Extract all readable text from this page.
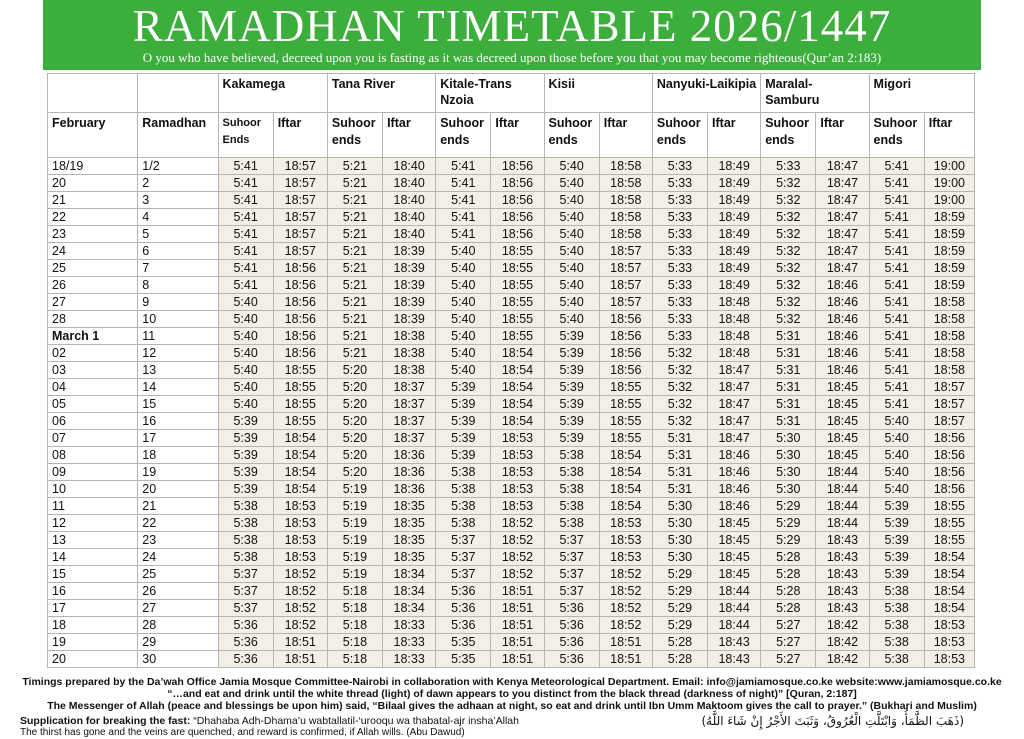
RAMADHAN TIMETABLE 2026/1447
O you who have believed, decreed upon you is fasting as it was decreed upon those before you that you may become righteous(Qur’an 2:183)
		Kakamega		Tana River		Kitale-Trans Nzoia		Kisii		Nanyuki-Laikipia		Maralal-Samburu		Migori	
February	Ramadhan	Suhoor Ends	Iftar	Suhoor ends	Iftar	Suhoor ends	Iftar	Suhoor ends	Iftar	Suhoor ends	Iftar	Suhoor ends	Iftar	Suhoor ends	Iftar
18/19	1/2	5:41	18:57	5:21	18:40	5:41	18:56	5:40	18:58	5:33	18:49	5:33	18:47	5:41	19:00
20	2	5:41	18:57	5:21	18:40	5:41	18:56	5:40	18:58	5:33	18:49	5:32	18:47	5:41	19:00
21	3	5:41	18:57	5:21	18:40	5:41	18:56	5:40	18:58	5:33	18:49	5:32	18:47	5:41	19:00
22	4	5:41	18:57	5:21	18:40	5:41	18:56	5:40	18:58	5:33	18:49	5:32	18:47	5:41	18:59
23	5	5:41	18:57	5:21	18:40	5:41	18:56	5:40	18:58	5:33	18:49	5:32	18:47	5:41	18:59
24	6	5:41	18:57	5:21	18:39	5:40	18:55	5:40	18:57	5:33	18:49	5:32	18:47	5:41	18:59
25	7	5:41	18:56	5:21	18:39	5:40	18:55	5:40	18:57	5:33	18:49	5:32	18:47	5:41	18:59
26	8	5:41	18:56	5:21	18:39	5:40	18:55	5:40	18:57	5:33	18:49	5:32	18:46	5:41	18:59
27	9	5:40	18:56	5:21	18:39	5:40	18:55	5:40	18:57	5:33	18:48	5:32	18:46	5:41	18:58
28	10	5:40	18:56	5:21	18:39	5:40	18:55	5:40	18:56	5:33	18:48	5:32	18:46	5:41	18:58
March 1	11	5:40	18:56	5:21	18:38	5:40	18:55	5:39	18:56	5:33	18:48	5:31	18:46	5:41	18:58
02	12	5:40	18:56	5:21	18:38	5:40	18:54	5:39	18:56	5:32	18:48	5:31	18:46	5:41	18:58
03	13	5:40	18:55	5:20	18:38	5:40	18:54	5:39	18:56	5:32	18:47	5:31	18:46	5:41	18:58
04	14	5:40	18:55	5:20	18:37	5:39	18:54	5:39	18:55	5:32	18:47	5:31	18:45	5:41	18:57
05	15	5:40	18:55	5:20	18:37	5:39	18:54	5:39	18:55	5:32	18:47	5:31	18:45	5:41	18:57
06	16	5:39	18:55	5:20	18:37	5:39	18:54	5:39	18:55	5:32	18:47	5:31	18:45	5:40	18:57
07	17	5:39	18:54	5:20	18:37	5:39	18:53	5:39	18:55	5:31	18:47	5:30	18:45	5:40	18:56
08	18	5:39	18:54	5:20	18:36	5:39	18:53	5:38	18:54	5:31	18:46	5:30	18:45	5:40	18:56
09	19	5:39	18:54	5:20	18:36	5:38	18:53	5:38	18:54	5:31	18:46	5:30	18:44	5:40	18:56
10	20	5:39	18:54	5:19	18:36	5:38	18:53	5:38	18:54	5:31	18:46	5:30	18:44	5:40	18:56
11	21	5:38	18:53	5:19	18:35	5:38	18:53	5:38	18:54	5:30	18:46	5:29	18:44	5:39	18:55
12	22	5:38	18:53	5:19	18:35	5:38	18:52	5:38	18:53	5:30	18:45	5:29	18:44	5:39	18:55
13	23	5:38	18:53	5:19	18:35	5:37	18:52	5:37	18:53	5:30	18:45	5:29	18:43	5:39	18:55
14	24	5:38	18:53	5:19	18:35	5:37	18:52	5:37	18:53	5:30	18:45	5:28	18:43	5:39	18:54
15	25	5:37	18:52	5:19	18:34	5:37	18:52	5:37	18:52	5:29	18:45	5:28	18:43	5:39	18:54
16	26	5:37	18:52	5:18	18:34	5:36	18:51	5:37	18:52	5:29	18:44	5:28	18:43	5:38	18:54
17	27	5:37	18:52	5:18	18:34	5:36	18:51	5:36	18:52	5:29	18:44	5:28	18:43	5:38	18:54
18	28	5:36	18:52	5:18	18:33	5:36	18:51	5:36	18:52	5:29	18:44	5:27	18:42	5:38	18:53
19	29	5:36	18:51	5:18	18:33	5:35	18:51	5:36	18:51	5:28	18:43	5:27	18:42	5:38	18:53
20	30	5:36	18:51	5:18	18:33	5:35	18:51	5:36	18:51	5:28	18:43	5:27	18:42	5:38	18:53
Timings prepared by the Da’wah Office Jamia Mosque Committee-Nairobi in collaboration with Kenya Meteorological Department. Email: info@jamiamosque.co.ke website:www.jamiamosque.co.ke
“…and eat and drink until the white thread (light) of dawn appears to you distinct from the black thread (darkness of night)” [Quran, 2:187]
The Messenger of Allah (peace and blessings be upon him) said, “Bilaal gives the adhaan at night, so eat and drink until Ibn Umm Maktoom gives the call to prayer.” (Bukhari and Muslim)
Supplication for breaking the fast: “Dhahaba Adh-Dhama’u wabtallatil-‘urooqu wa thabatal-ajr insha’Allah	(ذَهَبَ الظَّمَأُ، وَابْتَلَّتِ الْعُرُوقُ، وَثَبَتَ الأَجْرُ إِنْ شَاءَ اللَّهُ)
The thirst has gone and the veins are quenched, and reward is confirmed, if Allah wills. (Abu Dawud)
